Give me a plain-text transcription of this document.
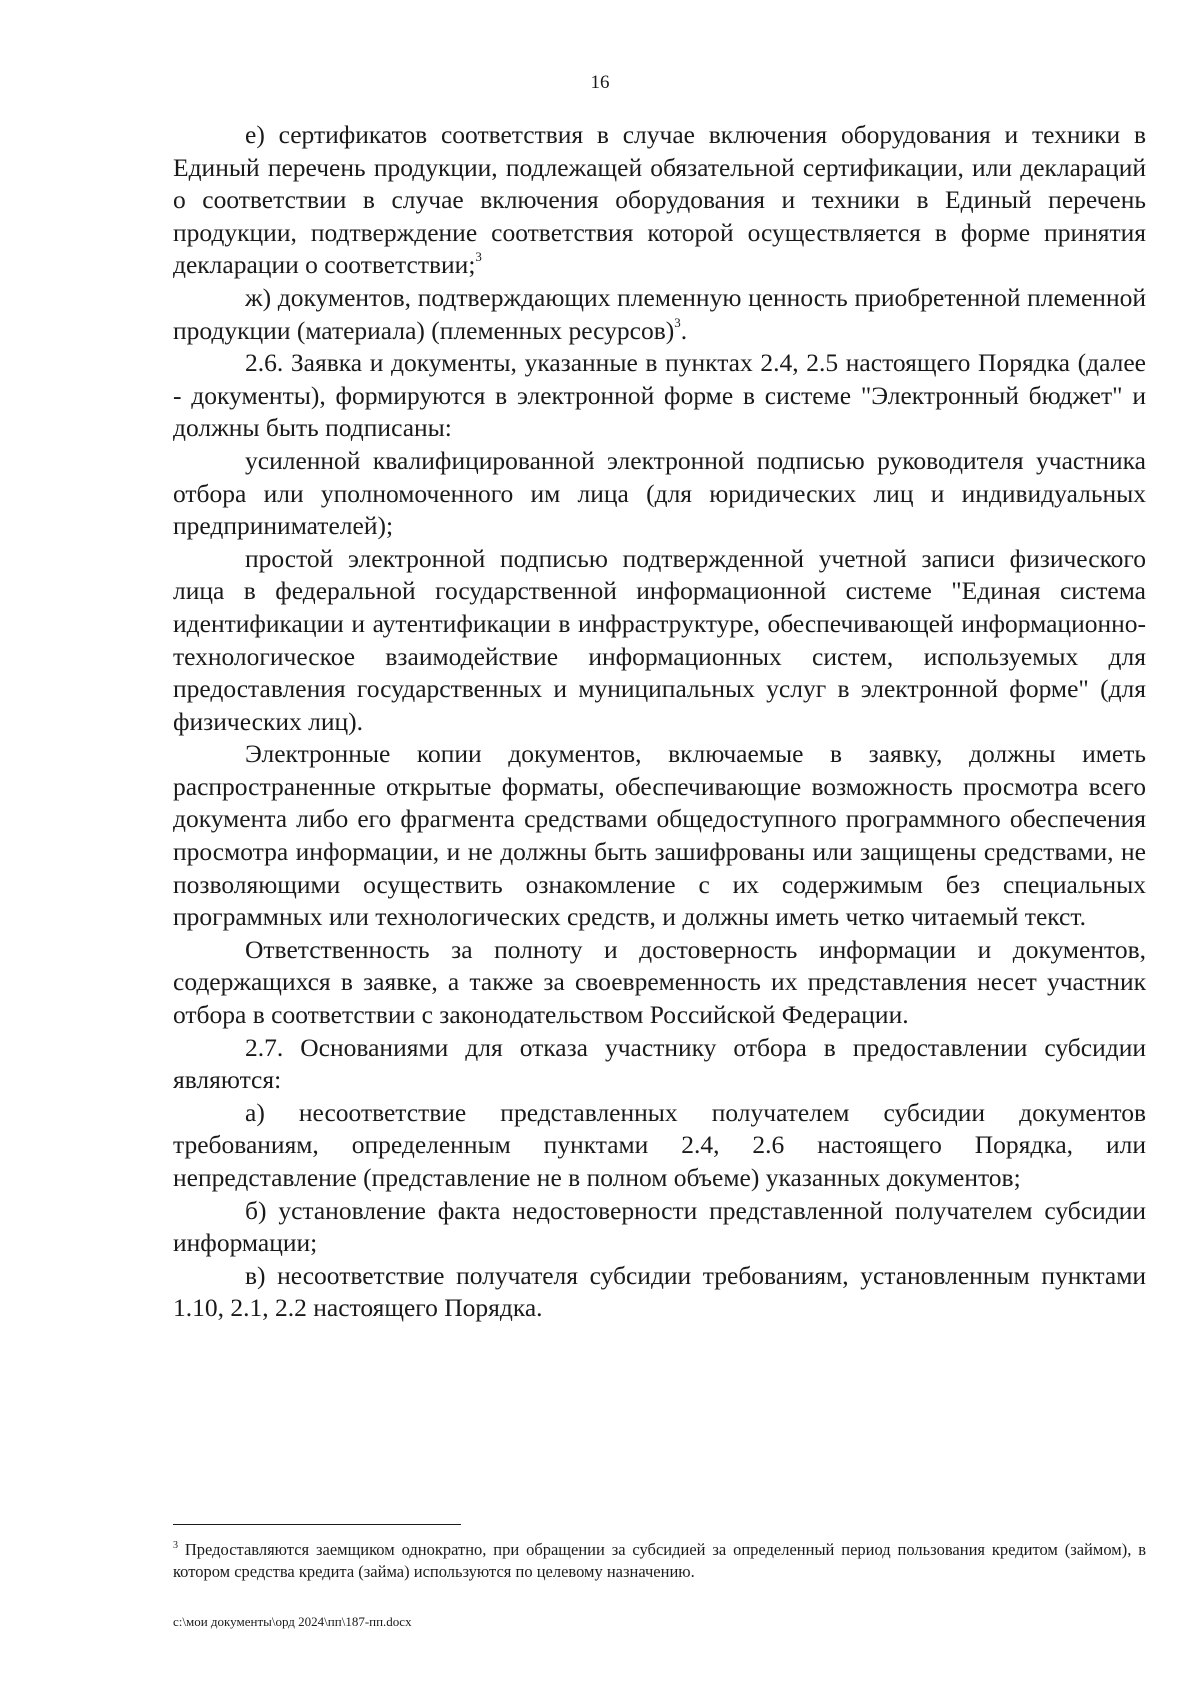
16

е) сертификатов соответствия в случае включения оборудования и техники в Единый перечень продукции, подлежащей обязательной сертификации, или деклараций о соответствии в случае включения оборудования и техники в Единый перечень продукции, подтверждение соответствия которой осуществляется в форме принятия декларации о соответствии;$^3$

ж) документов, подтверждающих племенную ценность приобретенной племенной продукции (материала) (племенных ресурсов)$^3$.

2.6. Заявка и документы, указанные в пунктах 2.4, 2.5 настоящего Порядка (далее - документы), формируются в электронной форме в системе "Электронный бюджет" и должны быть подписаны:

усиленной квалифицированной электронной подписью руководителя участника отбора или уполномоченного им лица (для юридических лиц и индивидуальных предпринимателей);

простой электронной подписью подтвержденной учетной записи физического лица в федеральной государственной информационной системе "Единая система идентификации и аутентификации в инфраструктуре, обеспечивающей информационно-технологическое взаимодействие информационных систем, используемых для предоставления государственных и муниципальных услуг в электронной форме" (для физических лиц).

Электронные копии документов, включаемые в заявку, должны иметь распространенные открытые форматы, обеспечивающие возможность просмотра всего документа либо его фрагмента средствами общедоступного программного обеспечения просмотра информации, и не должны быть зашифрованы или защищены средствами, не позволяющими осуществить ознакомление с их содержимым без специальных программных или технологических средств, и должны иметь четко читаемый текст.

Ответственность за полноту и достоверность информации и документов, содержащихся в заявке, а также за своевременность их представления несет участник отбора в соответствии с законодательством Российской Федерации.

2.7. Основаниями для отказа участнику отбора в предоставлении субсидии являются:

а) несоответствие представленных получателем субсидии документов требованиям, определенным пунктами 2.4, 2.6 настоящего Порядка, или непредставление (представление не в полном объеме) указанных документов;

б) установление факта недостоверности представленной получателем субсидии информации;

в) несоответствие получателя субсидии требованиям, установленным пунктами 1.10, 2.1, 2.2 настоящего Порядка.

$^3$ Предоставляются заемщиком однократно, при обращении за субсидией за определенный период пользования кредитом (займом), в котором средства кредита (займа) используются по целевому назначению.
c:\мои документы\орд 2024\пп\187-пп.docx
